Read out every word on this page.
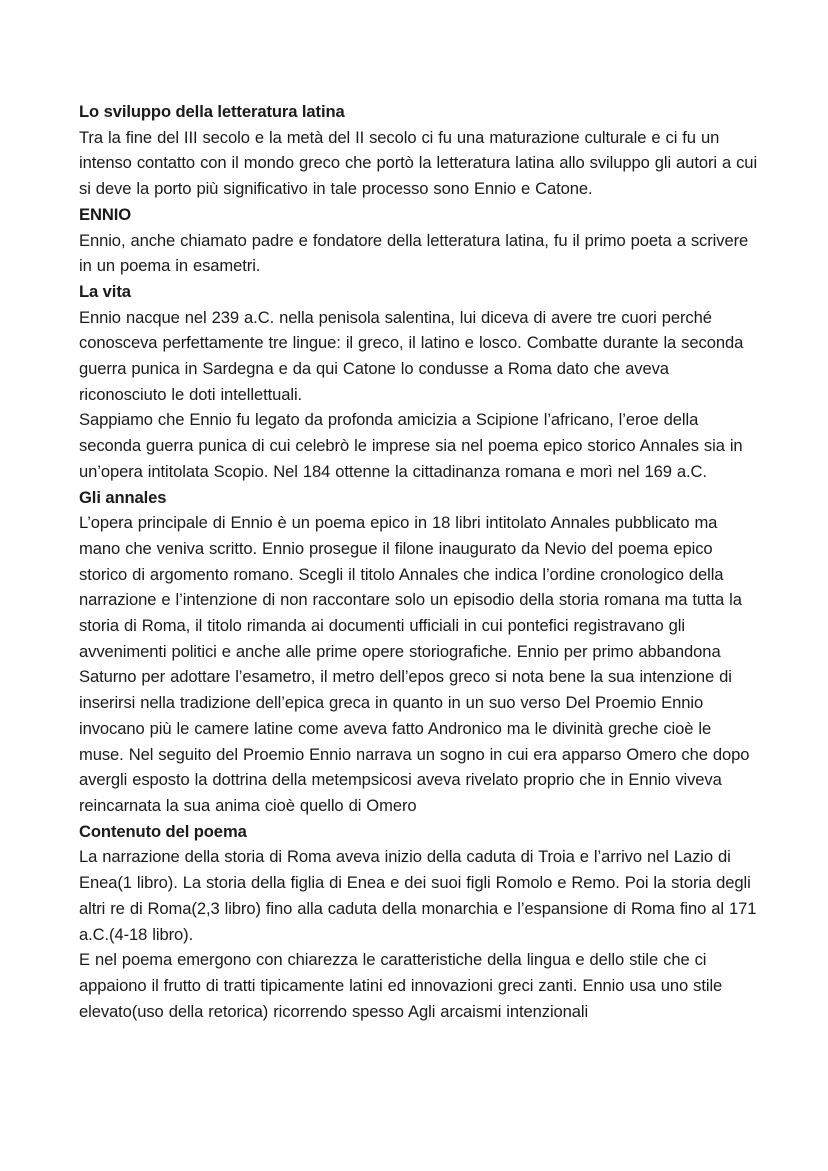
Lo sviluppo della letteratura latina

Tra la fine del III secolo e la metà del II secolo ci fu una maturazione culturale e ci fu un intenso contatto con il mondo greco che portò la letteratura latina allo sviluppo gli autori a cui si deve la porto più significativo in tale processo sono Ennio e Catone.

ENNIO

Ennio, anche chiamato padre e fondatore della letteratura latina, fu il primo poeta a scrivere in un poema in esametri.

La vita

Ennio nacque nel 239 a.C. nella penisola salentina, lui diceva di avere tre cuori perché conosceva perfettamente tre lingue: il greco, il latino e losco. Combatte durante la seconda guerra punica in Sardegna e da qui Catone lo condusse a Roma dato che aveva riconosciuto le doti intellettuali.

Sappiamo che Ennio fu legato da profonda amicizia a Scipione l’africano, l’eroe della seconda guerra punica di cui celebrò le imprese sia nel poema epico storico Annales sia in un’opera intitolata Scopio. Nel 184 ottenne la cittadinanza romana e morì nel 169 a.C.

Gli annales

L’opera principale di Ennio è un poema epico in 18 libri intitolato Annales pubblicato ma mano che veniva scritto. Ennio prosegue il filone inaugurato da Nevio del poema epico storico di argomento romano. Scegli il titolo Annales che indica l’ordine cronologico della narrazione e l’intenzione di non raccontare solo un episodio della storia romana ma tutta la storia di Roma, il titolo rimanda ai documenti ufficiali in cui pontefici registravano gli avvenimenti politici e anche alle prime opere storiografiche. Ennio per primo abbandona Saturno per adottare l’esametro, il metro dell’epos greco si nota bene la sua intenzione di inserirsi nella tradizione dell’epica greca in quanto in un suo verso Del Proemio Ennio invocano più le camere latine come aveva fatto Andronico ma le divinità greche cioè le muse. Nel seguito del Proemio Ennio narrava un sogno in cui era apparso Omero che dopo avergli esposto la dottrina della metempsicosi aveva rivelato proprio che in Ennio viveva reincarnata la sua anima cioè quello di Omero

Contenuto del poema

La narrazione della storia di Roma aveva inizio della caduta di Troia e l’arrivo nel Lazio di Enea(1 libro). La storia della figlia di Enea e dei suoi figli Romolo e Remo. Poi la storia degli altri re di Roma(2,3 libro) fino alla caduta della monarchia e l’espansione di Roma fino al 171 a.C.(4-18 libro).

E nel poema emergono con chiarezza le caratteristiche della lingua e dello stile che ci appaiono il frutto di tratti tipicamente latini ed innovazioni greci zanti. Ennio usa uno stile elevato(uso della retorica) ricorrendo spesso Agli arcaismi intenzionali
